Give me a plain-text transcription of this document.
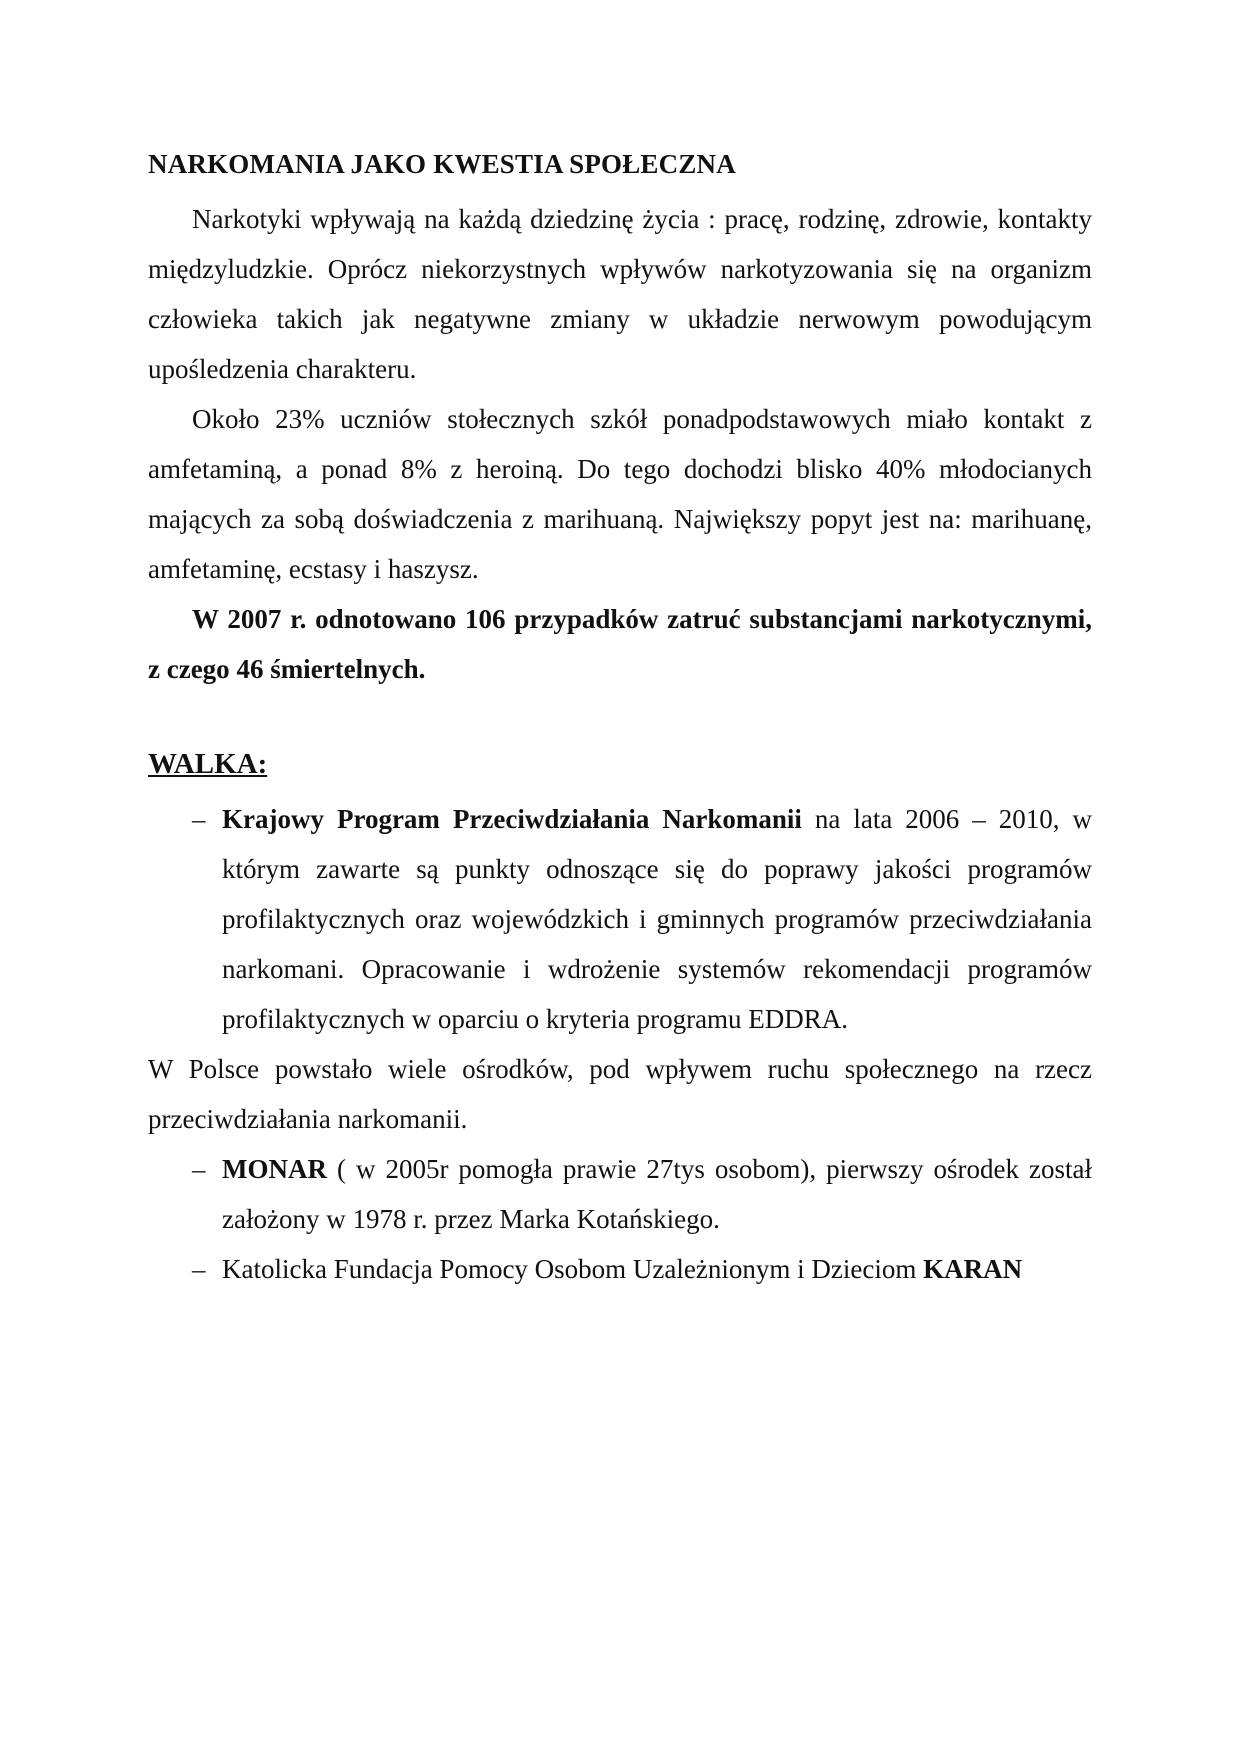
NARKOMANIA JAKO KWESTIA SPOŁECZNA

Narkotyki wpływają na każdą dziedzinę życia : pracę, rodzinę, zdrowie, kontakty międzyludzkie. Oprócz niekorzystnych wpływów narkotyzowania się na organizm człowieka takich jak negatywne zmiany w układzie nerwowym powodującym upośledzenia charakteru.

Około 23% uczniów stołecznych szkół ponadpodstawowych miało kontakt z amfetaminą, a ponad 8% z heroiną. Do tego dochodzi blisko 40% młodocianych mających za sobą doświadczenia z marihuaną. Największy popyt jest na: marihuanę, amfetaminę, ecstasy i haszysz.

W 2007 r. odnotowano 106 przypadków zatruć substancjami narkotycznymi, z czego 46 śmiertelnych.

WALKA:
– Krajowy Program Przeciwdziałania Narkomanii na lata 2006 – 2010, w którym zawarte są punkty odnoszące się do poprawy jakości programów profilaktycznych oraz wojewódzkich i gminnych programów przeciwdziałania narkomani. Opracowanie i wdrożenie systemów rekomendacji programów profilaktycznych w oparciu o kryteria programu EDDRA.

W Polsce powstało wiele ośrodków, pod wpływem ruchu społecznego na rzecz przeciwdziałania narkomanii.

– MONAR ( w 2005r pomogła prawie 27tys osobom), pierwszy ośrodek został założony w 1978 r. przez Marka Kotańskiego.
– Katolicka Fundacja Pomocy Osobom Uzależnionym i Dzieciom KARAN
